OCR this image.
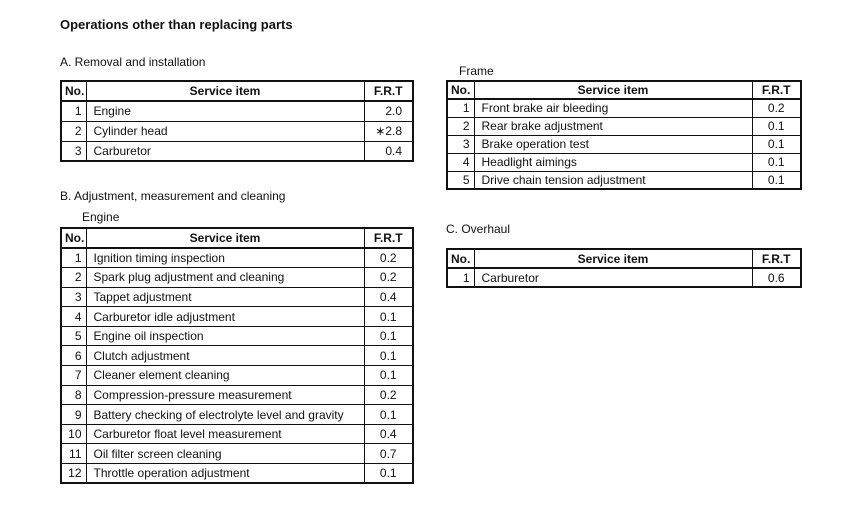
Operations other than replacing parts
A. Removal and installation
No.	Service item	F.R.T
1	Engine	2.0
2	Cylinder head	∗2.8
3	Carburetor	0.4
B. Adjustment, measurement and cleaning
Engine
No.	Service item	F.R.T
1	Ignition timing inspection	0.2
2	Spark plug adjustment and cleaning	0.2
3	Tappet adjustment	0.4
4	Carburetor idle adjustment	0.1
5	Engine oil inspection	0.1
6	Clutch adjustment	0.1
7	Cleaner element cleaning	0.1
8	Compression-pressure measurement	0.2
9	Battery checking of electrolyte level and gravity	0.1
10	Carburetor float level measurement	0.4
11	Oil filter screen cleaning	0.7
12	Throttle operation adjustment	0.1
Frame
No.	Service item	F.R.T
1	Front brake air bleeding	0.2
2	Rear brake adjustment	0.1
3	Brake operation test	0.1
4	Headlight aimings	0.1
5	Drive chain tension adjustment	0.1
C. Overhaul
No.	Service item	F.R.T
1	Carburetor	0.6
